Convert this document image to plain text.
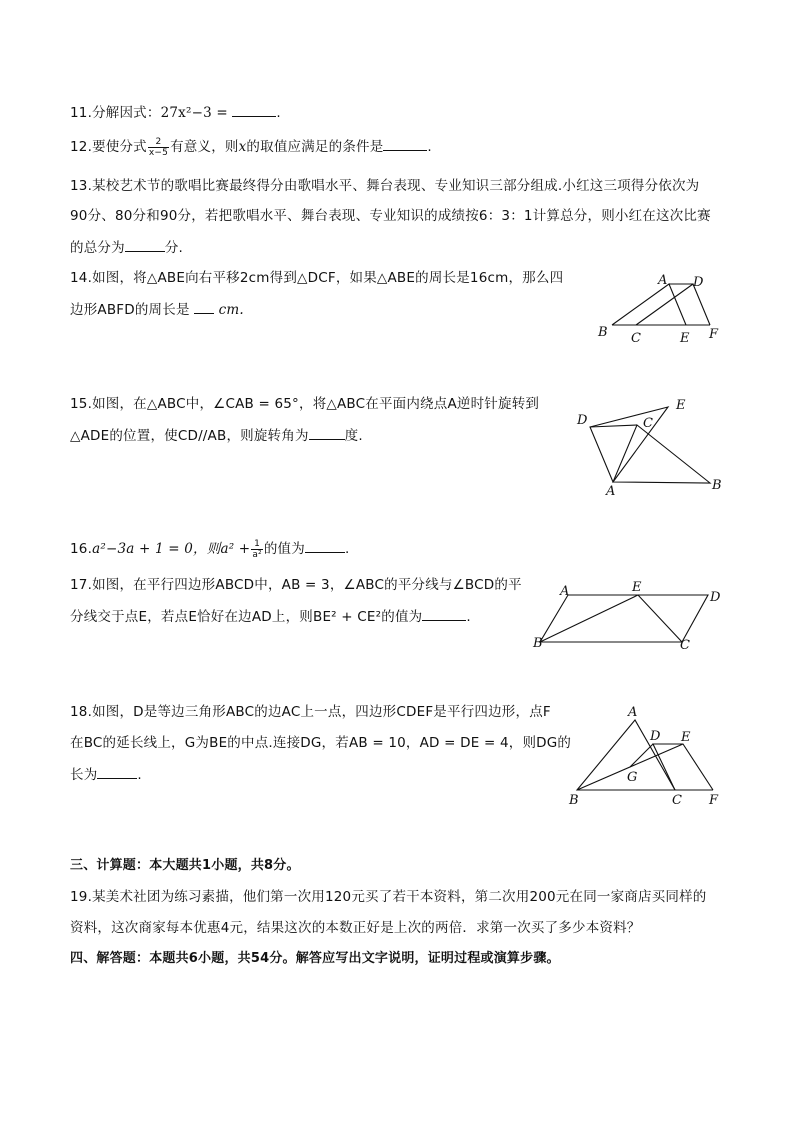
11.分解因式：27x²−3 =	.
12.要使分式 $\frac{2}{x-5}$ 有意义，则x的取值应满足的条件是	.
13.某校艺术节的歌唱比赛最终得分由歌唱水平、舞台表现、专业知识三部分组成.小红这三项得分依次为
90分、80分和90分，若把歌唱水平、舞台表现、专业知识的成绩按6：3：1计算总分，则小红在这次比赛
的总分为	分.
14.如图，将△ABE向右平移2cm得到△DCF，如果△ABE的周长是16cm，那么四
边形ABFD的周长是 cm.
A D
B C	E F
15.如图，在△ABC中，∠CAB = 65°，将△ABC在平面内绕点A逆时针旋转到
△ADE的位置，使CD//AB，则旋转角为	度.
D	C
E
A	B
16.a²−3a + 1 = 0，则$a^2 + \frac{1}{\text{a²}}$ 的值为	.
17.如图，在平行四边形ABCD中，AB = 3，∠ABC的平分线与∠BCD的平
分线交于点E，若点E恰好在边AD上，则BE² + CE²的值为	.
A	E
D
B	C
18.如图，D是等边三角形ABC的边AC上一点，四边形CDEF是平行四边形，点F
在BC的延长线上，G为BE的中点.连接DG，若AB = 10，AD = DE = 4，则DG的
长为	.
A
D E
G
B	C F
三、计算题：本大题共1小题，共8分。
19.某美术社团为练习素描，他们第一次用120元买了若干本资料，第二次用200元在同一家商店买同样的
资料，这次商家每本优惠4元，结果这次的本数正好是上次的两倍．求第一次买了多少本资料？
四、解答题：本题共6小题，共54分。解答应写出文字说明，证明过程或演算步骤。
